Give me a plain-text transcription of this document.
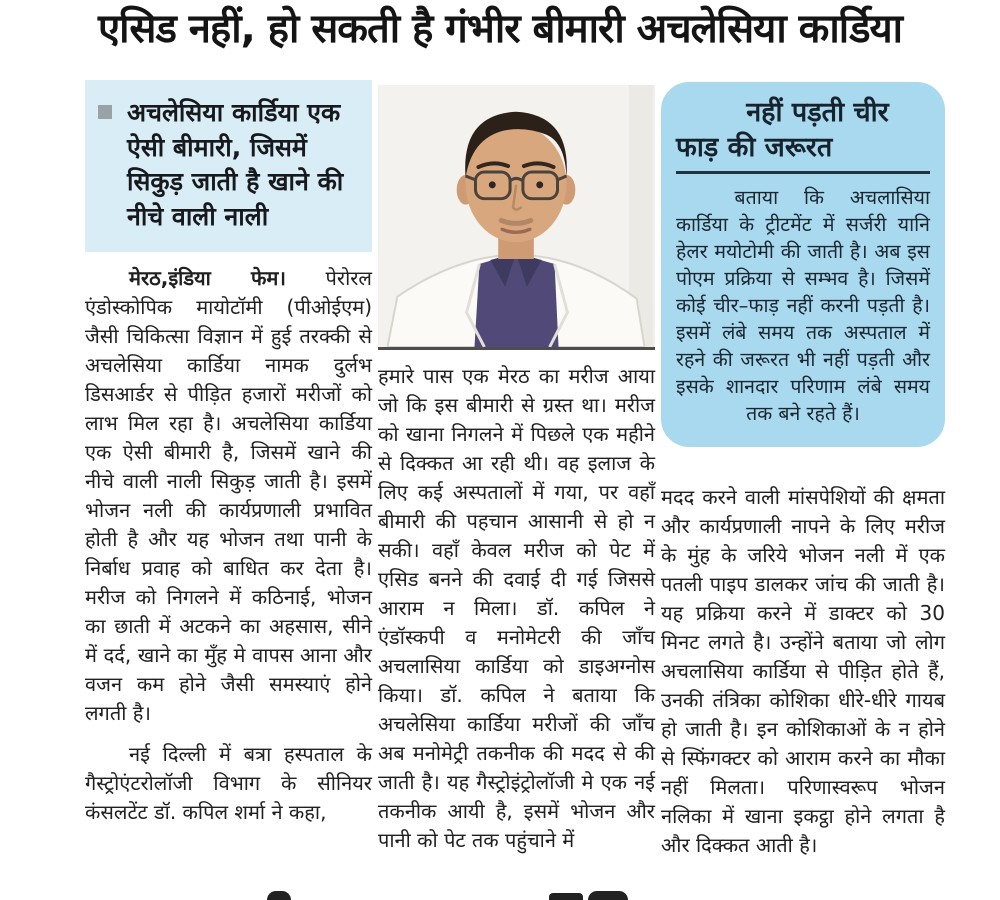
एसिड नहीं, हो सकती है गंभीर बीमारी अचलेसिया कार्डिया
अचलेसिया कार्डिया एक ऐसी बीमारी, जिसमें सिकुड़ जाती है खाने की नीचे वाली नाली

मेरठ,इंडिया फेम। पेरोरल एंडोस्कोपिक मायोटॉमी (पीओईएम) जैसी चिकित्सा विज्ञान में हुई तरक्की से अचलेसिया कार्डिया नामक दुर्लभ डिसआर्डर से पीड़ित हजारों मरीजों को लाभ मिल रहा है। अचलेसिया कार्डिया एक ऐसी बीमारी है, जिसमें खाने की नीचे वाली नाली सिकुड़ जाती है। इसमें भोजन नली की कार्यप्रणाली प्रभावित होती है और यह भोजन तथा पानी के निर्बाध प्रवाह को बाधित कर देता है। मरीज को निगलने में कठिनाई, भोजन का छाती में अटकने का अहसास, सीने में दर्द, खाने का मुँह मे वापस आना और वजन कम होने जैसी समस्याएं होने लगती है।

नई दिल्ली में बत्रा हस्पताल के गैस्ट्रोएंटरोलॉजी विभाग के सीनियर कंसलटेंट डॉ. कपिल शर्मा ने कहा,

हमारे पास एक मेरठ का मरीज आया जो कि इस बीमारी से ग्रस्त था। मरीज को खाना निगलने में पिछले एक महीने से दिक्कत आ रही थी। वह इलाज के लिए कई अस्पतालों में गया, पर वहाँ बीमारी की पहचान आसानी से हो न सकी। वहाँ केवल मरीज को पेट में एसिड बनने की दवाई दी गई जिससे आराम न मिला। डॉ. कपिल ने एंडॉस्कपी व मनोमेटरी की जाँच अचलासिया कार्डिया को डाइअग्नोस किया। डॉ. कपिल ने बताया कि अचलेसिया कार्डिया मरीजों की जाँच अब मनोमेट्री तकनीक की मदद से की जाती है। यह गैस्ट्रोइंट्रोलॉजी मे एक नई तकनीक आयी है, इसमें भोजन और पानी को पेट तक पहुंचाने में

नहीं पड़ती चीर फाड़ की जरूरत

बताया कि अचलासिया कार्डिया के ट्रीटमेंट में सर्जरी यानि हेलर मयोटोमी की जाती है। अब इस पोएम प्रक्रिया से सम्भव है। जिसमें कोई चीर–फाड़ नहीं करनी पड़ती है। इसमें लंबे समय तक अस्पताल में रहने की जरूरत भी नहीं पड़ती और इसके शानदार परिणाम लंबे समय तक बने रहते हैं।

मदद करने वाली मांसपेशियों की क्षमता और कार्यप्रणाली नापने के लिए मरीज के मुंह के जरिये भोजन नली में एक पतली पाइप डालकर जांच की जाती है। यह प्रक्रिया करने में डाक्टर को 30 मिनट लगते है। उन्होंने बताया जो लोग अचलासिया कार्डिया से पीड़ित होते हैं, उनकी तंत्रिका कोशिका धीरे-धीरे गायब हो जाती है। इन कोशिकाओं के न होने से स्फिंगक्टर को आराम करने का मौका नहीं मिलता। परिणास्वरूप भोजन नलिका में खाना इकट्ठा होने लगता है और दिक्कत आती है।
